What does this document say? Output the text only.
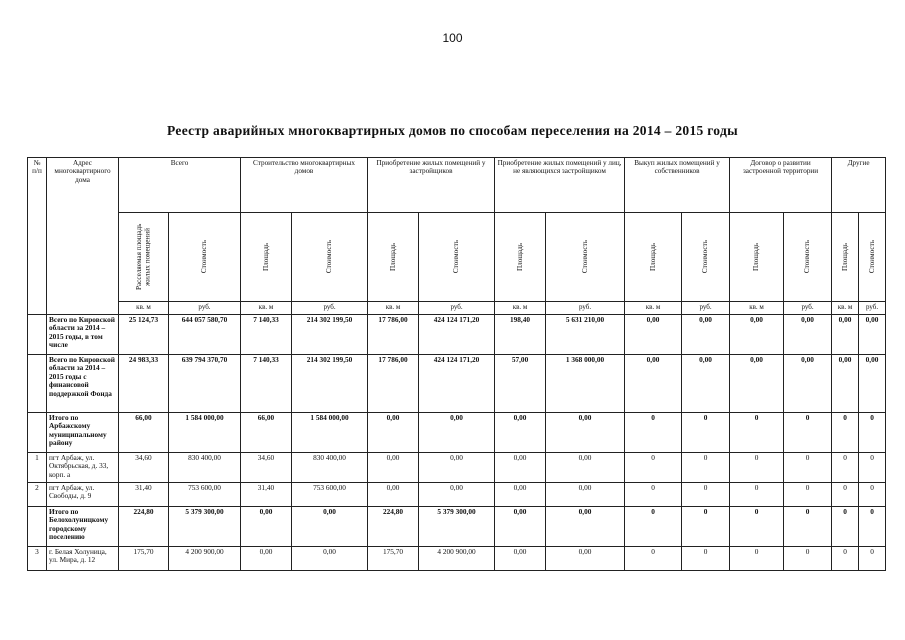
100
Реестр аварийных многоквартирных домов по способам переселения на 2014 – 2015 годы
№ п/п	Адрес многоквартирного дома	Всего		Строительство многоквартирных домов		Приобретение жилых помещений у застройщиков		Приобретение жилых помещений у лиц, не являющихся застройщиком		Выкуп жилых помещений у собственников		Договор о развитии застроенной территории		Другие	

		Расселяемая площадь жилых помещений	Стоимость	Площадь	Стоимость	Площадь	Стоимость	Площадь	Стоимость	Площадь	Стоимость	Площадь	Стоимость	Площадь	Стоимость

		кв. м	руб.	кв. м	руб.	кв. м	руб.	кв. м	руб.	кв. м	руб.	кв. м	руб.	кв. м	руб.
	Всего по Кировской области за 2014 – 2015 годы, в том числе	25 124,73	644 057 580,70	7 140,33	214 302 199,50	17 786,00	424 124 171,20	198,40	5 631 210,00	0,00	0,00	0,00	0,00	0,00	0,00
	Всего по Кировской области за 2014 – 2015 годы с финансовой поддержкой Фонда	24 983,33	639 794 370,70	7 140,33	214 302 199,50	17 786,00	424 124 171,20	57,00	1 368 000,00	0,00	0,00	0,00	0,00	0,00	0,00
	Итого по Арбажскому муниципальному району	66,00	1 584 000,00	66,00	1 584 000,00	0,00	0,00	0,00	0,00	0	0	0	0	0	0
1	пгт Арбаж, ул. Октябрьская, д. 33, корп. а	34,60	830 400,00	34,60	830 400,00	0,00	0,00	0,00	0,00	0	0	0	0	0	0
2	пгт Арбаж, ул. Свободы, д. 9	31,40	753 600,00	31,40	753 600,00	0,00	0,00	0,00	0,00	0	0	0	0	0	0
	Итого по Белохолуницкому городскому поселению	224,80	5 379 300,00	0,00	0,00	224,80	5 379 300,00	0,00	0,00	0	0	0	0	0	0
3	г. Белая Холуница, ул. Мира, д. 12	175,70	4 200 900,00	0,00	0,00	175,70	4 200 900,00	0,00	0,00	0	0	0	0	0	0
